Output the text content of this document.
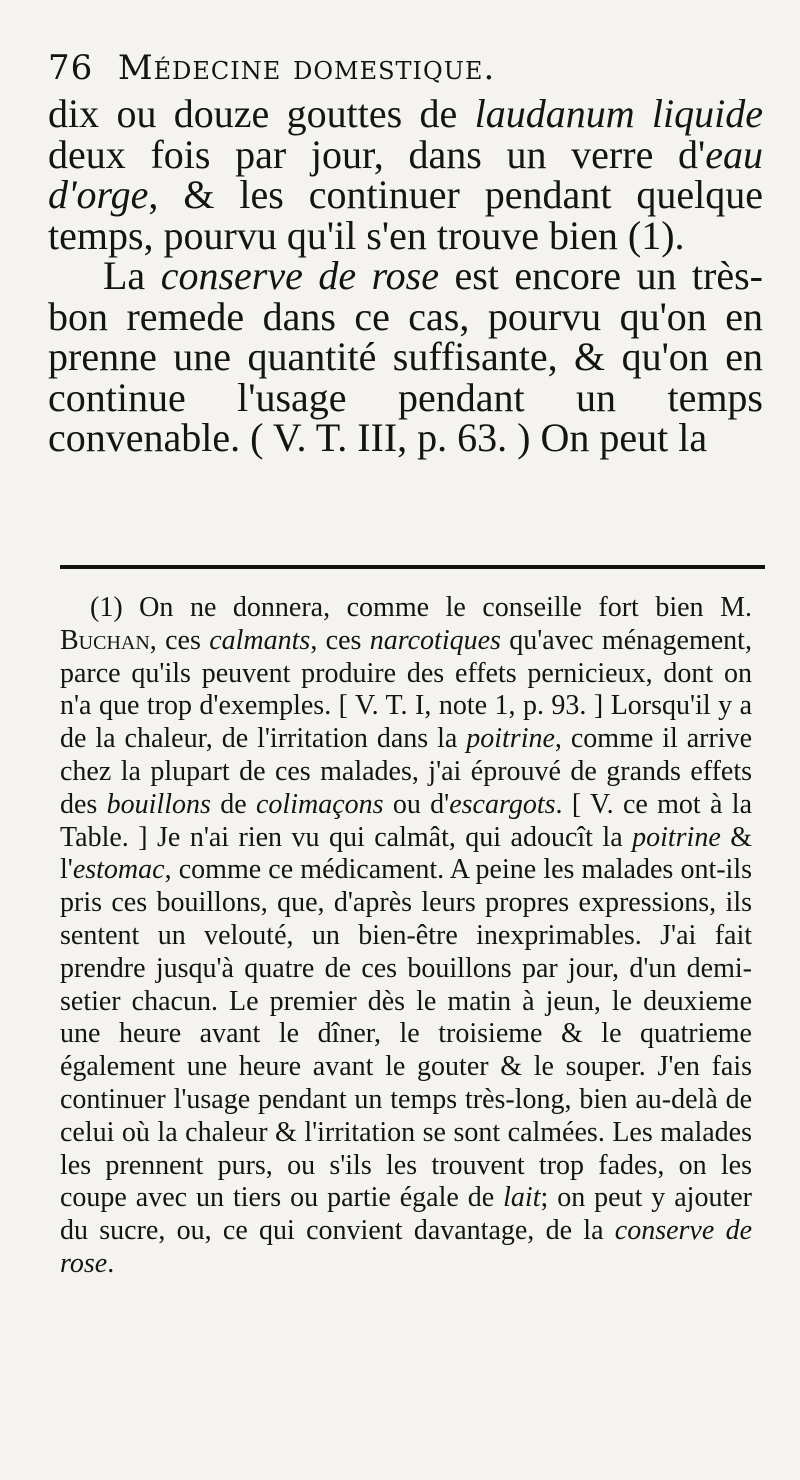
76 Médecine domestique.

dix ou douze gouttes de laudanum liquide deux fois par jour, dans un verre d'eau d'orge, & les continuer pendant quelque temps, pourvu qu'il s'en trouve bien (1).

La conserve de rose est encore un très-bon remede dans ce cas, pourvu qu'on en prenne une quantité suffisante, & qu'on en continue l'usage pendant un temps convenable. ( V. T. III, p. 63. ) On peut la

(1) On ne donnera, comme le conseille fort bien M. Buchan, ces calmants, ces narcotiques qu'avec ménagement, parce qu'ils peuvent produire des effets pernicieux, dont on n'a que trop d'exemples. [ V. T. I, note 1, p. 93. ] Lorsqu'il y a de la chaleur, de l'irritation dans la poitrine, comme il arrive chez la plupart de ces malades, j'ai éprouvé de grands effets des bouillons de colimaçons ou d'escargots. [ V. ce mot à la Table. ] Je n'ai rien vu qui calmât, qui adoucît la poitrine & l'estomac, comme ce médicament. A peine les malades ont-ils pris ces bouillons, que, d'après leurs propres expressions, ils sentent un velouté, un bien-être inexprimables. J'ai fait prendre jusqu'à quatre de ces bouillons par jour, d'un demi-setier chacun. Le premier dès le matin à jeun, le deuxieme une heure avant le dîner, le troisieme & le quatrieme également une heure avant le gouter & le souper. J'en fais continuer l'usage pendant un temps très-long, bien au-delà de celui où la chaleur & l'irritation se sont calmées. Les malades les prennent purs, ou s'ils les trouvent trop fades, on les coupe avec un tiers ou partie égale de lait; on peut y ajouter du sucre, ou, ce qui convient davantage, de la conserve de rose.
